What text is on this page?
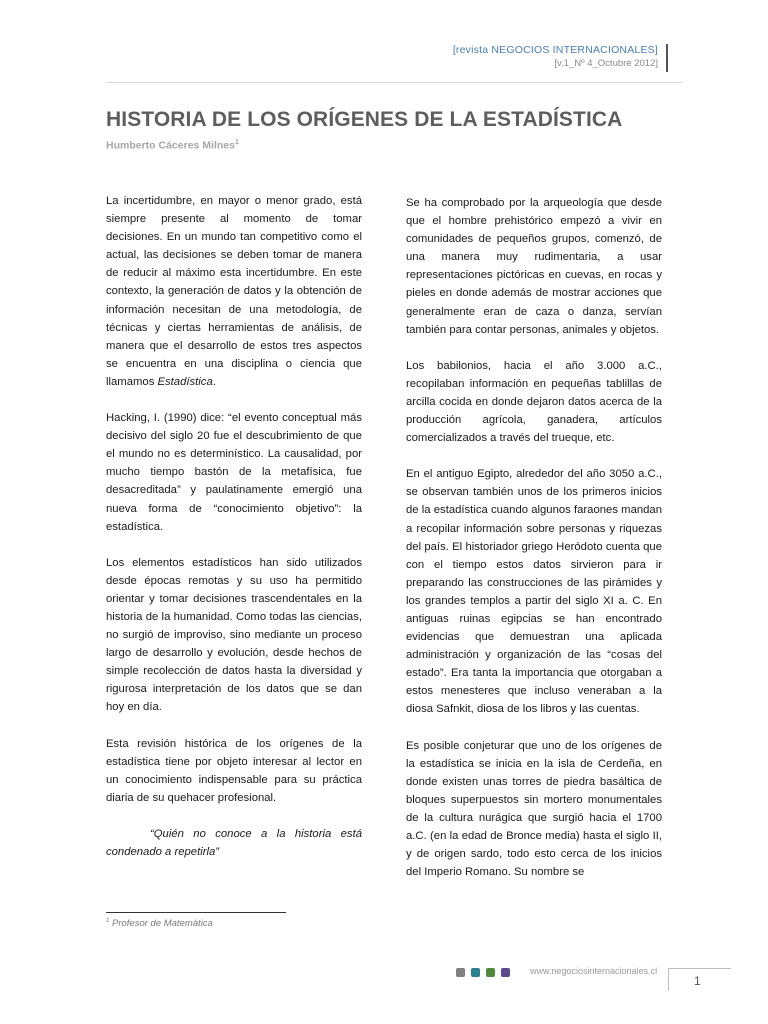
[revista NEGOCIOS INTERNACIONALES]
[v.1_Nº 4_Octubre 2012]
HISTORIA DE LOS ORÍGENES DE LA ESTADÍSTICA
Humberto Cáceres Milnes$^1$

La incertidumbre, en mayor o menor grado, está siempre presente al momento de tomar decisiones. En un mundo tan competitivo como el actual, las decisiones se deben tomar de manera de reducir al máximo esta incertidumbre. En este contexto, la generación de datos y la obtención de información necesitan de una metodología, de técnicas y ciertas herramientas de análisis, de manera que el desarrollo de estos tres aspectos se encuentra en una disciplina o ciencia que llamamos Estadística.

Hacking, I. (1990) dice: “el evento conceptual más decisivo del siglo 20 fue el descubrimiento de que el mundo no es determinístico. La causalidad, por mucho tiempo bastón de la metafísica, fue desacreditada” y paulatinamente emergió una nueva forma de “conocimiento objetivo”: la estadística.

Los elementos estadísticos han sido utilizados desde épocas remotas y su uso ha permitido orientar y tomar decisiones trascendentales en la historia de la humanidad. Como todas las ciencias, no surgió de improviso, sino mediante un proceso largo de desarrollo y evolución, desde hechos de simple recolección de datos hasta la diversidad y rigurosa interpretación de los datos que se dan hoy en día.

Esta revisión histórica de los orígenes de la estadística tiene por objeto interesar al lector en un conocimiento indispensable para su práctica diaria de su quehacer profesional.

“Quién no conoce a la historia está condenado a repetirla”

Se ha comprobado por la arqueología que desde que el hombre prehistórico empezó a vivir en comunidades de pequeños grupos, comenzó, de una manera muy rudimentaria, a usar representaciones pictóricas en cuevas, en rocas y pieles en donde además de mostrar acciones que generalmente eran de caza o danza, servían también para contar personas, animales y objetos.

Los babilonios, hacia el año 3.000 a.C., recopilaban información en pequeñas tablillas de arcilla cocida en donde dejaron datos acerca de la producción agrícola, ganadera, artículos comercializados a través del trueque, etc.

En el antiguo Egipto, alrededor del año 3050 a.C., se observan también unos de los primeros inicios de la estadística cuando algunos faraones mandan a recopilar información sobre personas y riquezas del país. El historiador griego Heródoto cuenta que con el tiempo estos datos sirvieron para ir preparando las construcciones de las pirámides y los grandes templos a partir del siglo XI a. C. En antiguas ruinas egipcias se han encontrado evidencias que demuestran una aplicada administración y organización de las “cosas del estado”. Era tanta la importancia que otorgaban a estos menesteres que incluso veneraban a la diosa Safnkit, diosa de los libros y las cuentas.

Es posible conjeturar que uno de los orígenes de la estadística se inicia en la isla de Cerdeña, en donde existen unas torres de piedra basáltica de bloques superpuestos sin mortero monumentales de la cultura nurágica que surgió hacia el 1700 a.C. (en la edad de Bronce media) hasta el siglo II, y de origen sardo, todo esto cerca de los inicios del Imperio Romano. Su nombre se

$^1$ Profesor de Matemática
www.negociosinternacionales.cl
1
